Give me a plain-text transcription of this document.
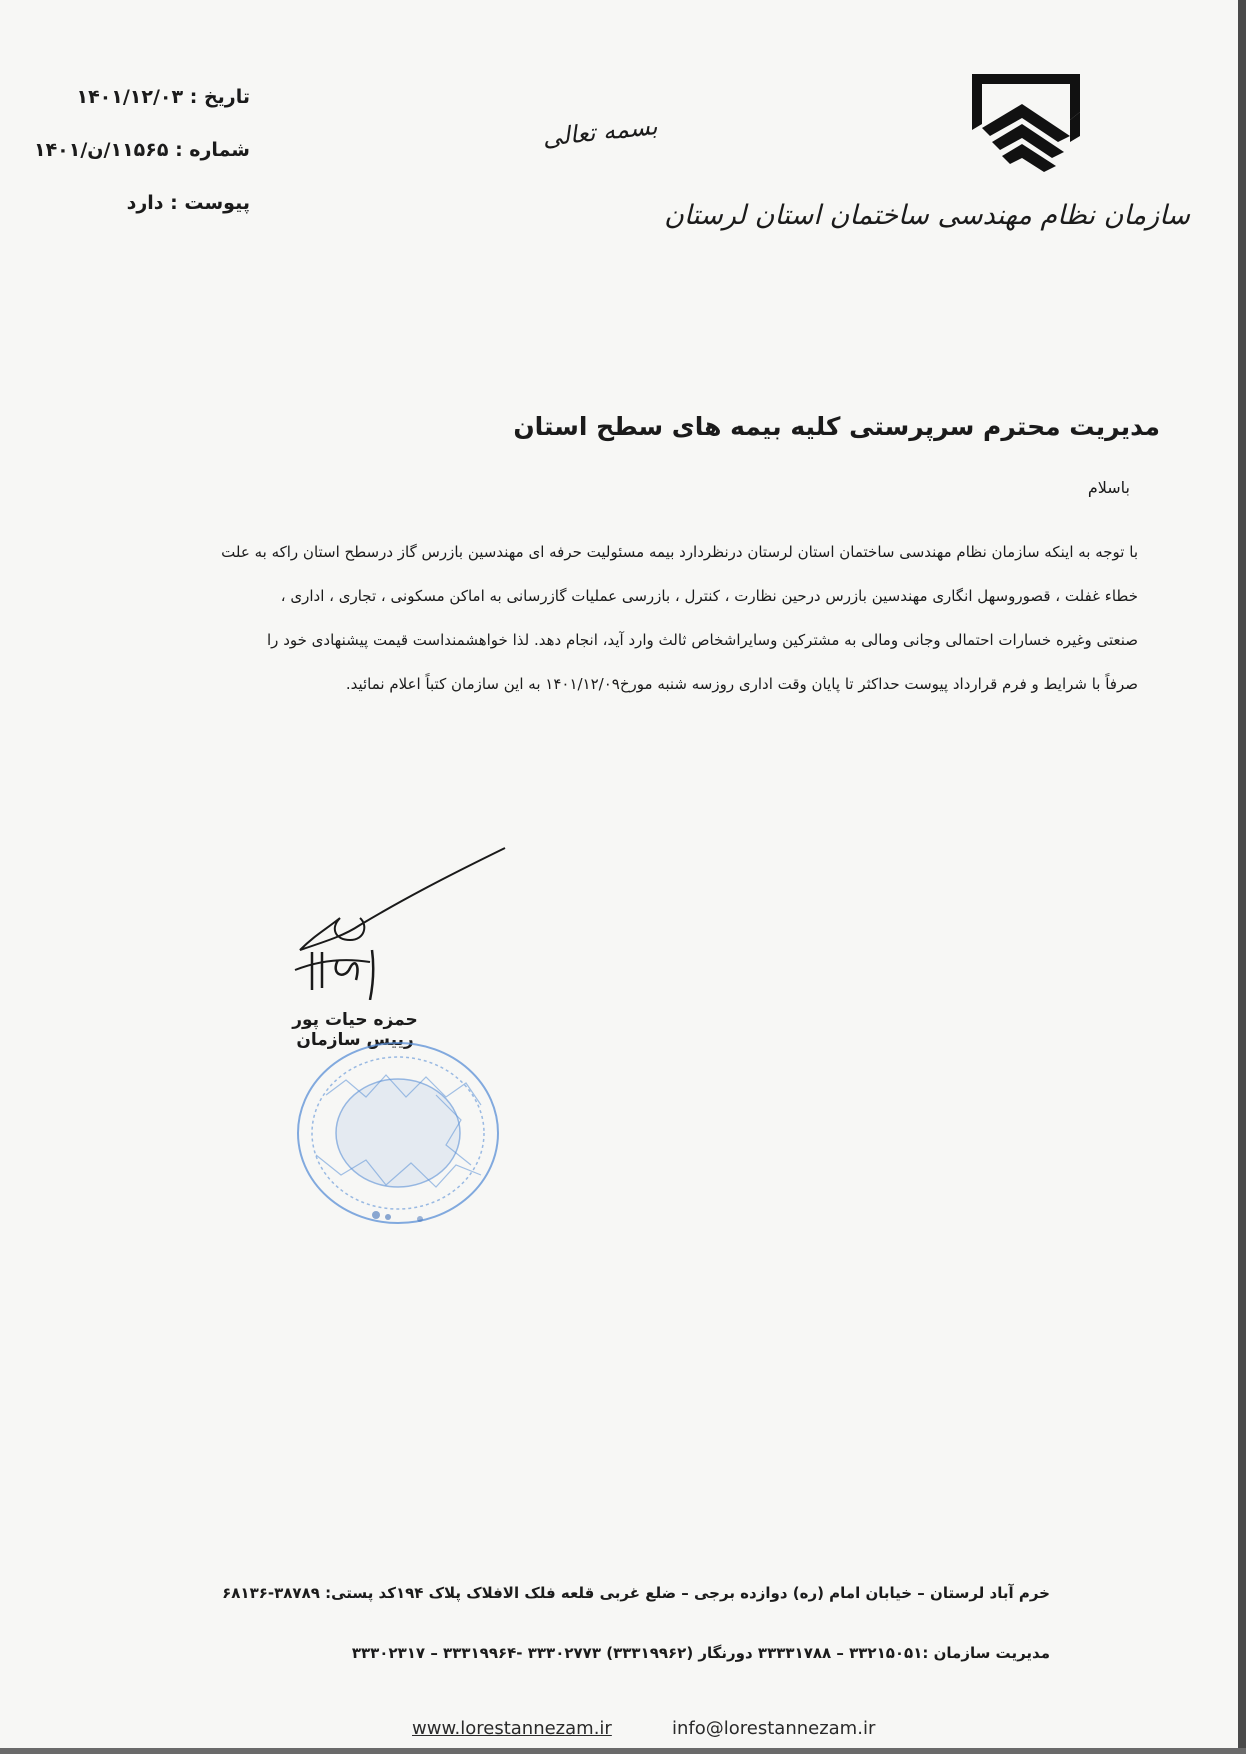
تاریخ : ۱۴۰۱/۱۲/۰۳
شماره : ۱۱۵۶۵/ن/۱۴۰۱
پیوست : دارد
بسمه تعالی
سازمان نظام مهندسی ساختمان استان لرستان
مدیریت محترم سرپرستی کلیه بیمه های سطح استان
باسلام
با توجه به اینکه سازمان نظام مهندسی ساختمان استان لرستان درنظردارد بیمه مسئولیت حرفه ای مهندسین بازرس گاز درسطح استان راکه به علت
خطاء غفلت ، قصوروسهل انگاری مهندسین بازرس درحین نظارت ، کنترل ، بازرسی عملیات گازرسانی به اماکن مسکونی ، تجاری ، اداری ،
صنعتی وغیره خسارات احتمالی وجانی ومالی به مشترکین وسایراشخاص ثالث وارد آید، انجام دهد. لذا خواهشمنداست قیمت پیشنهادی خود را
صرفاً با شرایط و فرم قرارداد پیوست حداکثر تا پایان وقت اداری روزسه شنبه مورخ۱۴۰۱/۱۲/۰۹ به این سازمان کتباً اعلام نمائید.
حمزه حیات پور
رییس سازمان
خرم آباد لرستان – خیابان امام (ره) دوازده برجی – ضلع غربی قلعه فلک الافلاک پلاک ۱۹۴کد پستی: ۳۸۷۸۹-۶۸۱۳۶
مدیریت سازمان :۳۳۲۱۵۰۵۱ – ۳۳۳۳۱۷۸۸ دورنگار (۳۳۳۱۹۹۶۲) ۳۳۳۰۲۷۷۳ -۳۳۳۱۹۹۶۴ – ۳۳۳۰۲۳۱۷
www.lorestannezam.ir	info@lorestannezam.ir
